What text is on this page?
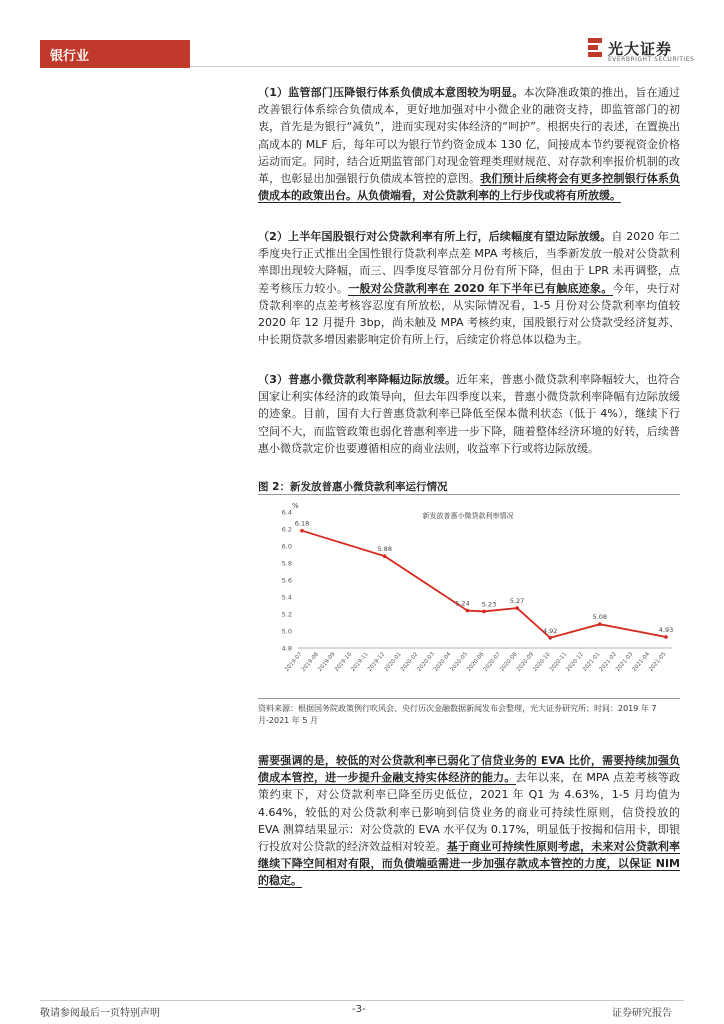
银行业	光大证券
EVERBRIGHT SECURITIES

（1）监管部门压降银行体系负债成本意图较为明显。本次降准政策的推出，旨在通过改善银行体系综合负债成本，更好地加强对中小微企业的融资支持，即监管部门的初衷，首先是为银行“减负”，进而实现对实体经济的“呵护”。根据央行的表述，在置换出高成本的 MLF 后，每年可以为银行节约资金成本 130 亿，间接成本节约要视资金价格运动而定。同时，结合近期监管部门对现金管理类理财规范、对存款利率报价机制的改革，也彰显出加强银行负债成本管控的意图。我们预计后续将会有更多控制银行体系负债成本的政策出台。从负债端看，对公贷款利率的上行步伐或将有所放缓。

（2）上半年国股银行对公贷款利率有所上行，后续幅度有望边际放缓。自 2020 年二季度央行正式推出全国性银行贷款利率点差 MPA 考核后，当季新发放一般对公贷款利率即出现较大降幅，而三、四季度尽管部分月份有所下降，但由于 LPR 未再调整，点差考核压力较小。一般对公贷款利率在 2020 年下半年已有触底迹象。今年，央行对贷款利率的点差考核容忍度有所放松，从实际情况看，1-5 月份对公贷款利率均值较 2020 年 12 月提升 3bp，尚未触及 MPA 考核约束，国股银行对公贷款受经济复苏、中长期贷款多增因素影响定价有所上行，后续定价将总体以稳为主。

（3）普惠小微贷款利率降幅边际放缓。近年来，普惠小微贷款利率降幅较大，也符合国家让利实体经济的政策导向，但去年四季度以来，普惠小微贷款利率降幅有边际放缓的迹象。目前，国有大行普惠贷款利率已降低至保本微利状态（低于 4%），继续下行空间不大，而监管政策也弱化普惠利率进一步下降，随着整体经济环境的好转，后续普惠小微贷款定价也要遵循相应的商业法则，收益率下行或将边际放缓。

图 2：新发放普惠小微贷款利率运行情况
新发放普惠小微贷款利率情况
%
6.4
6.2
6.0
5.8
5.6
5.4
5.2
5.0
4.8
2019-07
2019-08
2019-09
2019-10
2019-11
2019-12
2020-01
2020-02
2020-03
2020-04
2020-05
2020-06
2020-07
2020-08
2020-09
2020-10
2020-11
2020-12
2021-01
2021-02
2021-03
2021-04
2021-05
6.18
5.88
5.24 5.23 5.27
4.92
5.08
4.93
资料来源：根据国务院政策例行吹风会、央行历次金融数据新闻发布会整理，光大证券研究所；时间：2019 年 7 月-2021 年 5 月

需要强调的是，较低的对公贷款利率已弱化了信贷业务的 EVA 比价，需要持续加强负债成本管控，进一步提升金融支持实体经济的能力。去年以来，在 MPA 点差考核等政策约束下，对公贷款利率已降至历史低位，2021 年 Q1 为 4.63%，1-5 月均值为 4.64%，较低的对公贷款利率已影响到信贷业务的商业可持续性原则，信贷投放的 EVA 测算结果显示：对公贷款的 EVA 水平仅为 0.17%，明显低于按揭和信用卡，即银行投放对公贷款的经济效益相对较差。基于商业可持续性原则考虑，未来对公贷款利率继续下降空间相对有限，而负债端亟需进一步加强存款成本管控的力度，以保证 NIM 的稳定。

敬请参阅最后一页特别声明	-3-	证券研究报告
